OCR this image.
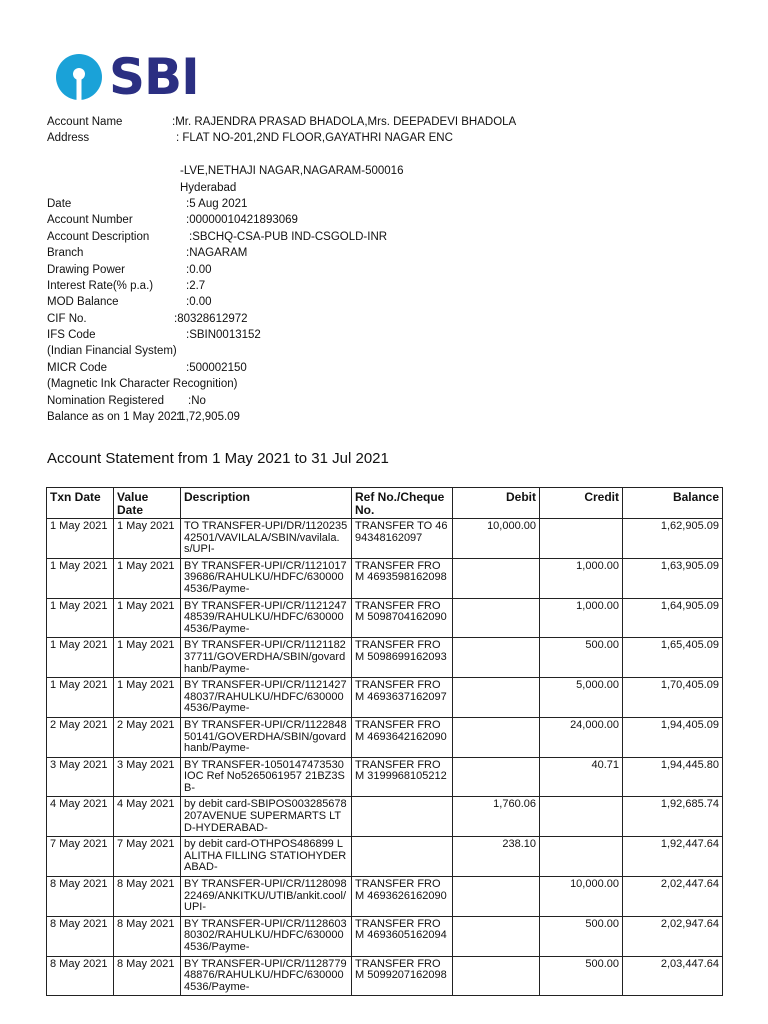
SBI
Account Name	:Mr. RAJENDRA PRASAD BHADOLA,Mrs. DEEPADEVI BHADOLA
Address	: FLAT NO-201,2ND FLOOR,GAYATHRI NAGAR ENC
-LVE,NETHAJI NAGAR,NAGARAM-500016
Hyderabad
Date	:5 Aug 2021
Account Number	:00000010421893069
Account Description	:SBCHQ-CSA-PUB IND-CSGOLD-INR
Branch	:NAGARAM
Drawing Power	:0.00
Interest Rate(% p.a.)	:2.7
MOD Balance	:0.00
CIF No.	:80328612972
IFS Code	:SBIN0013152
(Indian Financial System)
MICR Code	:500002150
(Magnetic Ink Character Recognition)
Nomination Registered :No
Balance as on 1 May 2021
:1,72,905.09
Account Statement from 1 May 2021 to 31 Jul 2021
Txn Date	Value Date	Description	Ref No./Cheque No.	Debit	Credit	Balance
1 May 2021	1 May 2021	TO TRANSFER-UPI/DR/112023542501/VAVILALA/SBIN/vavilala.s/UPI-	TRANSFER TO 4694348162097	10,000.00		1,62,905.09
1 May 2021	1 May 2021	BY TRANSFER-UPI/CR/112101739686/RAHULKU/HDFC/6300004536/Payme-	TRANSFER FROM 4693598162098		1,000.00	1,63,905.09
1 May 2021	1 May 2021	BY TRANSFER-UPI/CR/112124748539/RAHULKU/HDFC/6300004536/Payme-	TRANSFER FROM 5098704162090		1,000.00	1,64,905.09
1 May 2021	1 May 2021	BY TRANSFER-UPI/CR/112118237711/GOVERDHA/SBIN/govardhanb/Payme-	TRANSFER FROM 5098699162093		500.00	1,65,405.09
1 May 2021	1 May 2021	BY TRANSFER-UPI/CR/112142748037/RAHULKU/HDFC/6300004536/Payme-	TRANSFER FROM 4693637162097		5,000.00	1,70,405.09
2 May 2021	2 May 2021	BY TRANSFER-UPI/CR/112284850141/GOVERDHA/SBIN/govardhanb/Payme-	TRANSFER FROM 4693642162090		24,000.00	1,94,405.09
3 May 2021	3 May 2021	BY TRANSFER-1050147473530 IOC Ref No5265061957 21BZ3SB-	TRANSFER FROM 3199968105212		40.71	1,94,445.80
4 May 2021	4 May 2021	by debit card-SBIPOS003285678207AVENUE SUPERMARTS LTD-HYDERABAD-		1,760.06		1,92,685.74
7 May 2021	7 May 2021	by debit card-OTHPOS486899 LALITHA FILLING STATIOHYDERABAD-		238.10		1,92,447.64
8 May 2021	8 May 2021	BY TRANSFER-UPI/CR/112809822469/ANKITKU/UTIB/ankit.cool/UPI-	TRANSFER FROM 4693626162090		10,000.00	2,02,447.64
8 May 2021	8 May 2021	BY TRANSFER-UPI/CR/112860380302/RAHULKU/HDFC/6300004536/Payme-	TRANSFER FROM 4693605162094		500.00	2,02,947.64
8 May 2021	8 May 2021	BY TRANSFER-UPI/CR/112877948876/RAHULKU/HDFC/6300004536/Payme-	TRANSFER FROM 5099207162098		500.00	2,03,447.64
